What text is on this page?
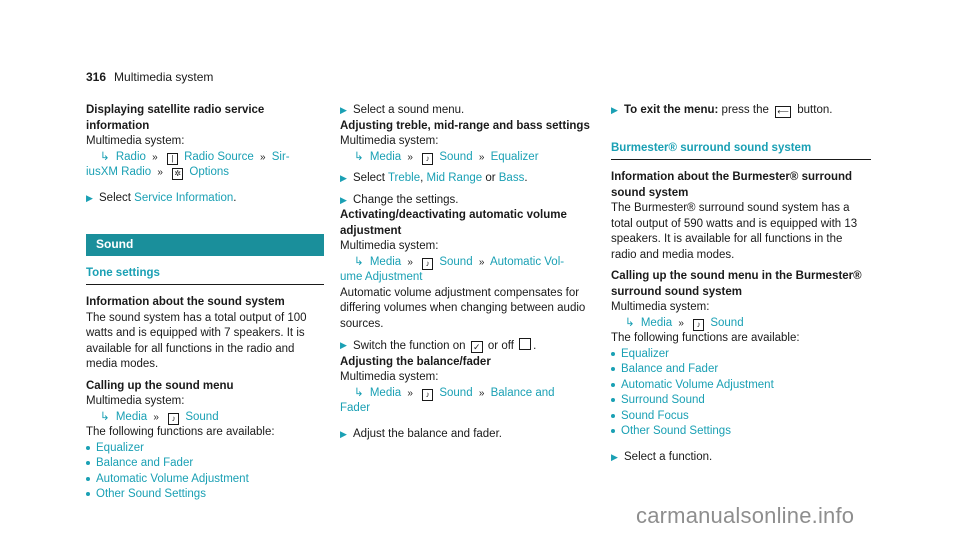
316 Multimedia system
Displaying satellite radio service information
Multimedia system:
↳ Radio » | Radio Source » Sir-
iusXM Radio » ✲ Options
▶ Select Service Information.
Sound
Tone settings
Information about the sound system
The sound system has a total output of 100 watts and is equipped with 7 speakers. It is available for all functions in the radio and media modes.
Calling up the sound menu
Multimedia system:
↳ Media » ♪ Sound
The following functions are available:
Equalizer
Balance and Fader
Automatic Volume Adjustment
Other Sound Settings
▶ Select a sound menu.
Adjusting treble, mid-range and bass settings
Multimedia system:
↳ Media » ♪ Sound » Equalizer
▶ Select Treble, Mid Range or Bass.
▶ Change the settings.
Activating/deactivating automatic volume adjustment
Multimedia system:
↳ Media » ♪ Sound » Automatic Vol-
ume Adjustment
Automatic volume adjustment compensates for differing volumes when changing between audio sources.
▶ Switch the function on ✓ or off .
Adjusting the balance/fader
Multimedia system:
↳ Media » ♪ Sound » Balance and
Fader
▶ Adjust the balance and fader.
▶ To exit the menu: press the ⟵ button.
Burmester® surround sound system
Information about the Burmester® surround sound system
The Burmester® surround sound system has a total output of 590 watts and is equipped with 13 speakers. It is available for all functions in the radio and media modes.
Calling up the sound menu in the Burmester® surround sound system
Multimedia system:
↳ Media » ♪ Sound
The following functions are available:
Equalizer
Balance and Fader
Automatic Volume Adjustment
Surround Sound
Sound Focus
Other Sound Settings
▶ Select a function.
carmanualsonline.info
